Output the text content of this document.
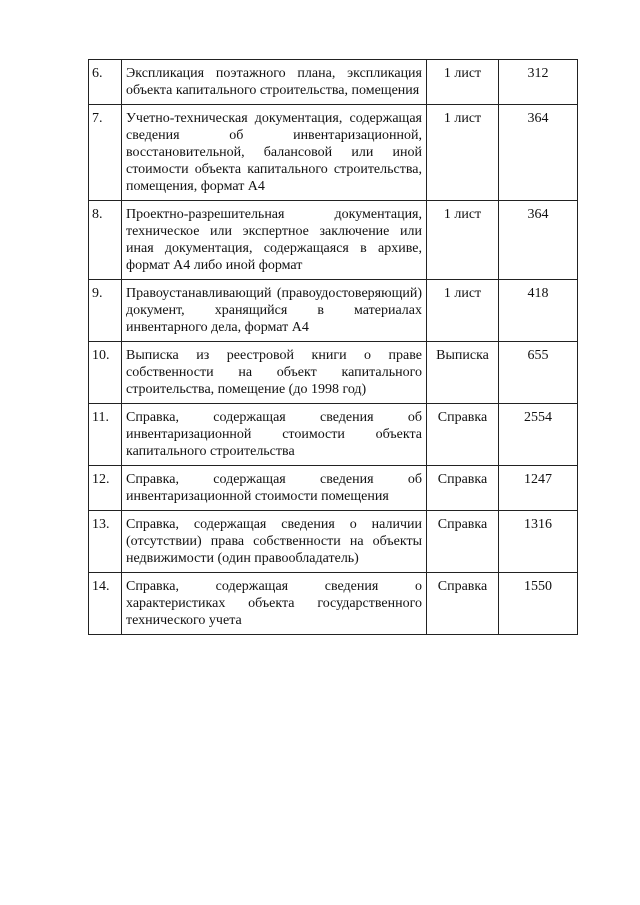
6.	Экспликация поэтажного плана, экспликация объекта капитального строительства, помещения	1 лист	312
7.	Учетно-техническая документация, содержащая сведения об инвентаризационной, восстановительной, балансовой или иной стоимости объекта капитального строительства, помещения, формат А4	1 лист	364
8.	Проектно-разрешительная документация, техническое или экспертное заключение или иная документация, содержащаяся в архиве, формат А4 либо иной формат	1 лист	364
9.	Правоустанавливающий (правоудостоверяющий) документ, хранящийся в материалах инвентарного дела, формат А4	1 лист	418
10.	Выписка из реестровой книги о праве собственности на объект капитального строительства, помещение (до 1998 год)	Выписка	655
11.	Справка, содержащая сведения об инвентаризационной стоимости объекта капитального строительства	Справка	2554
12.	Справка, содержащая сведения об инвентаризационной стоимости помещения	Справка	1247
13.	Справка, содержащая сведения о наличии (отсутствии) права собственности на объекты недвижимости (один правообладатель)	Справка	1316
14.	Справка, содержащая сведения о характеристиках объекта государственного технического учета	Справка	1550
